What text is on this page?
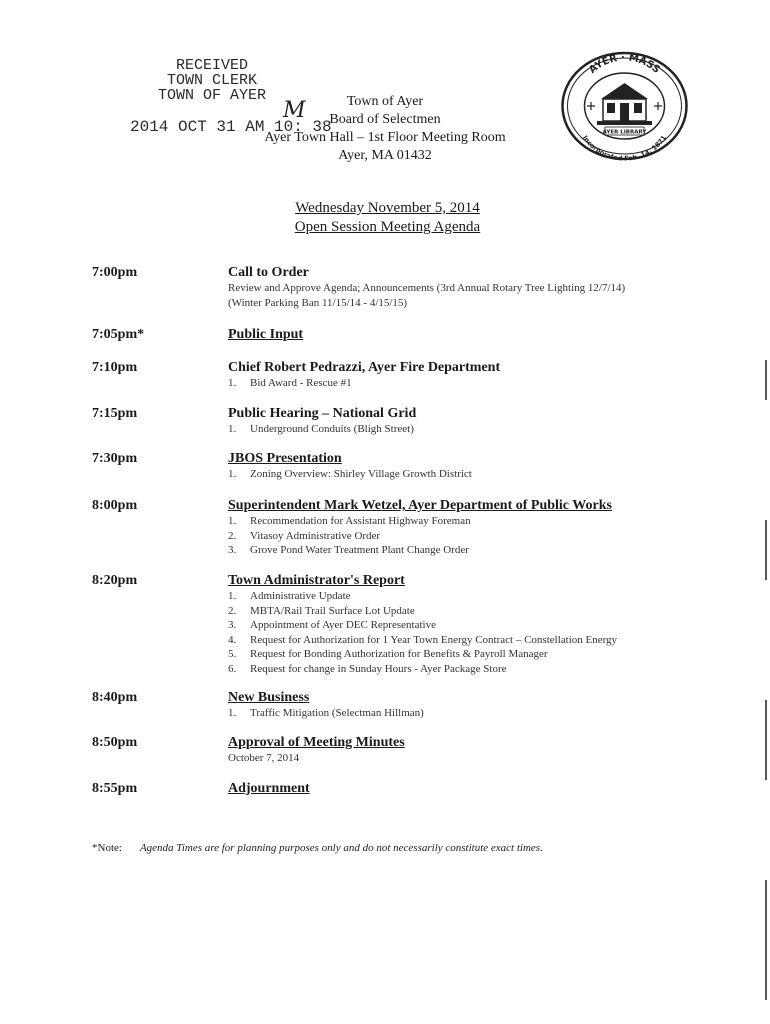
RECEIVED
TOWN CLERK
TOWN OF AYER
2014 OCT 31 AM 10: 38
M	Town of Ayer
Board of Selectmen
Ayer Town Hall – 1st Floor Meeting Room
Ayer, MA 01432
AYER · MASS
Incorporated Feb. 14, 1871
AYER LIBRARY
Wednesday November 5, 2014
Open Session Meeting Agenda
7:00pm	Call to Order
Review and Approve Agenda; Announcements (3rd Annual Rotary Tree Lighting 12/7/14)
(Winter Parking Ban 11/15/14 - 4/15/15)
7:05pm*	Public Input
7:10pm	Chief Robert Pedrazzi, Ayer Fire Department
1. Bid Award - Rescue #1
7:15pm	Public Hearing – National Grid
1. Underground Conduits (Bligh Street)
7:30pm	JBOS Presentation
1. Zoning Overview: Shirley Village Growth District
8:00pm	Superintendent Mark Wetzel, Ayer Department of Public Works
1. Recommendation for Assistant Highway Foreman
2. Vitasoy Administrative Order
3. Grove Pond Water Treatment Plant Change Order
8:20pm	Town Administrator's Report
1. Administrative Update
2. MBTA/Rail Trail Surface Lot Update
3. Appointment of Ayer DEC Representative
4. Request for Authorization for 1 Year Town Energy Contract – Constellation Energy
5. Request for Bonding Authorization for Benefits & Payroll Manager
6. Request for change in Sunday Hours - Ayer Package Store
8:40pm	New Business
1. Traffic Mitigation (Selectman Hillman)
8:50pm	Approval of Meeting Minutes
October 7, 2014
8:55pm	Adjournment
*Note: Agenda Times are for planning purposes only and do not necessarily constitute exact times.
